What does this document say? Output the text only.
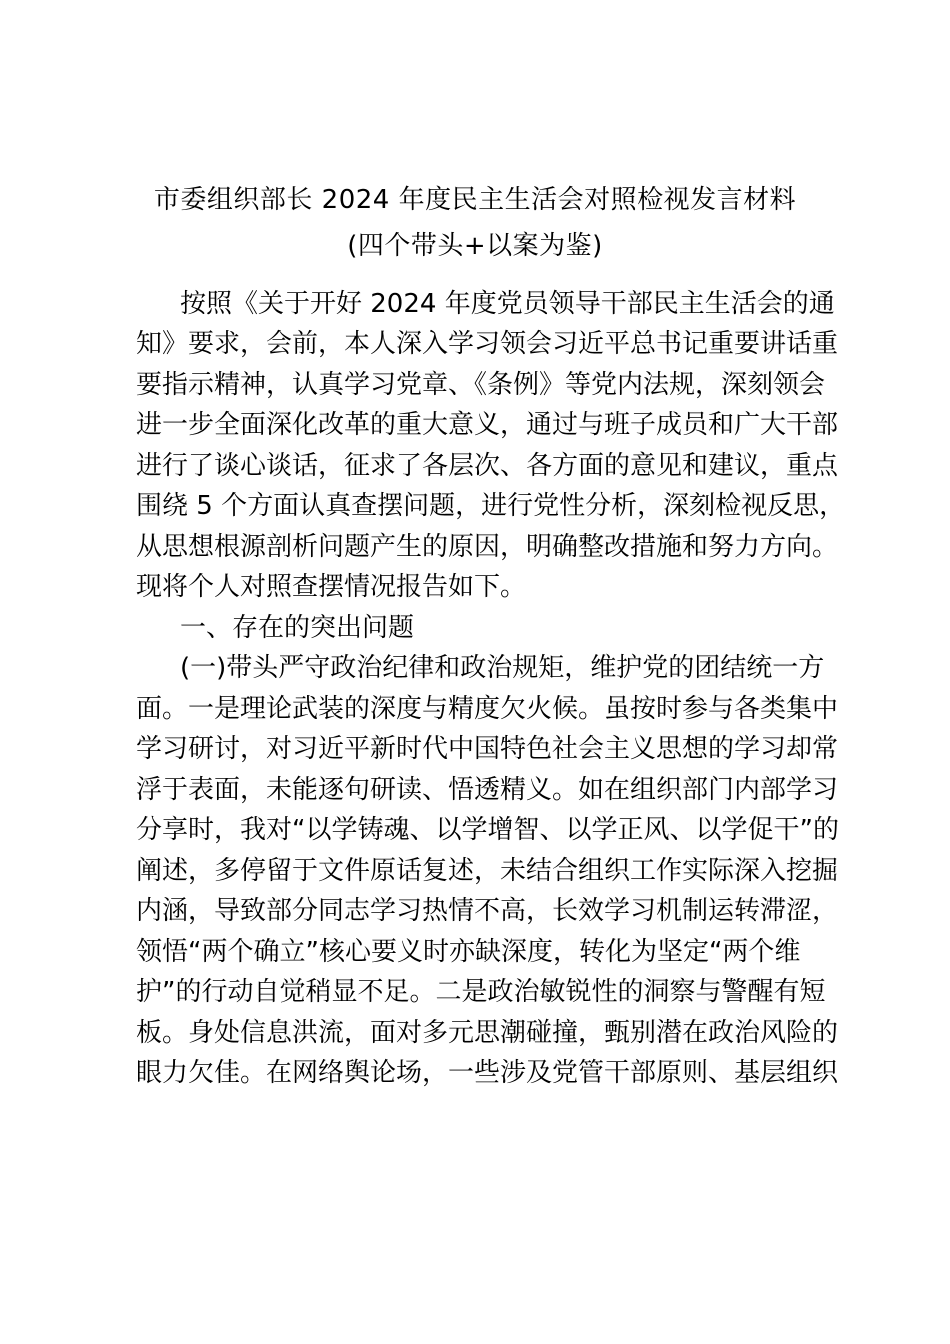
市委组织部长 2024 年度民主生活会对照检视发言材料
(四个带头+以案为鉴)
按照《关于开好 2024 年度党员领导干部民主生活会的通
知》要求，会前，本人深入学习领会习近平总书记重要讲话重
要指示精神，认真学习党章、《条例》等党内法规，深刻领会
进一步全面深化改革的重大意义，通过与班子成员和广大干部
进行了谈心谈话，征求了各层次、各方面的意见和建议，重点
围绕 5 个方面认真查摆问题，进行党性分析，深刻检视反思，
从思想根源剖析问题产生的原因，明确整改措施和努力方向。
现将个人对照查摆情况报告如下。
一、存在的突出问题
(一)带头严守政治纪律和政治规矩，维护党的团结统一方
面。一是理论武装的深度与精度欠火候。虽按时参与各类集中
学习研讨，对习近平新时代中国特色社会主义思想的学习却常
浮于表面，未能逐句研读、悟透精义。如在组织部门内部学习
分享时，我对“以学铸魂、以学增智、以学正风、以学促干”的
阐述，多停留于文件原话复述，未结合组织工作实际深入挖掘
内涵，导致部分同志学习热情不高，长效学习机制运转滞涩，
领悟“两个确立”核心要义时亦缺深度，转化为坚定“两个维
护”的行动自觉稍显不足。二是政治敏锐性的洞察与警醒有短
板。身处信息洪流，面对多元思潮碰撞，甄别潜在政治风险的
眼力欠佳。在网络舆论场，一些涉及党管干部原则、基层组织
